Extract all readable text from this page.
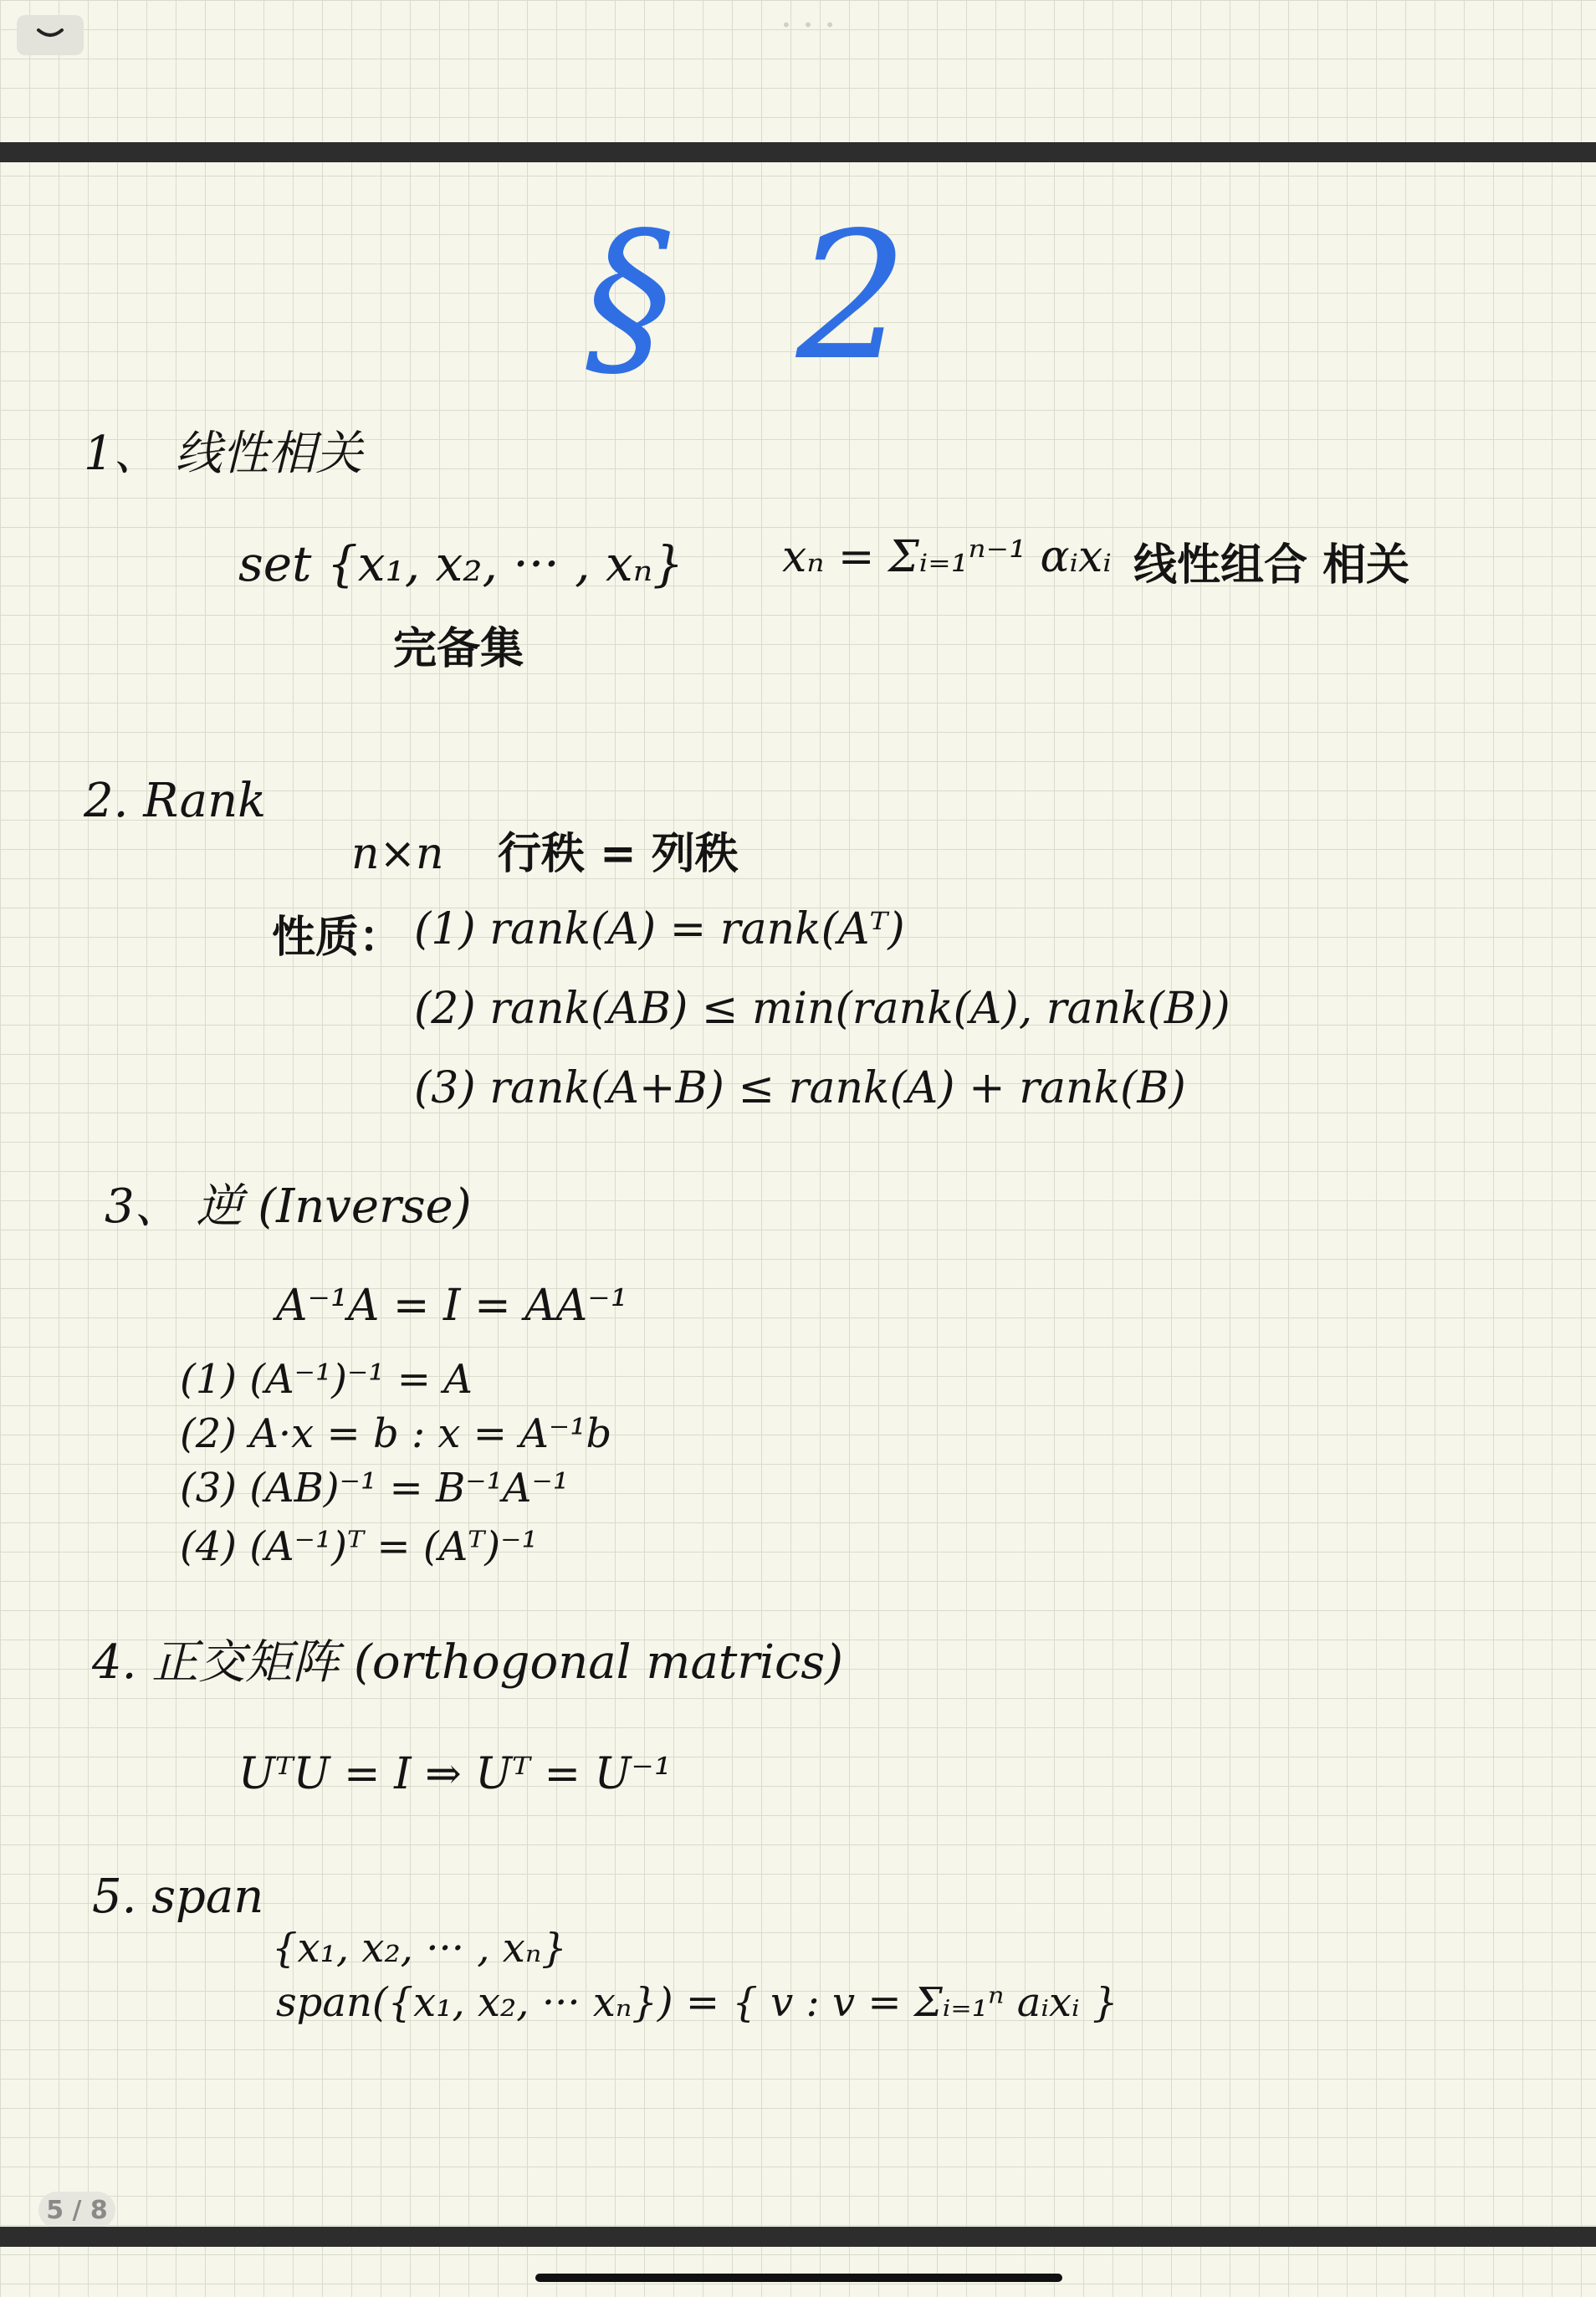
• • •
§ 2
1、 线性相关
set {x₁, x₂, ··· , xₙ} xₙ = Σᵢ₌₁ⁿ⁻¹ αᵢxᵢ 线性组合 相关
完备集
2. Rank
n×n 行秩 = 列秩
性质： (1) rank(A) = rank(Aᵀ)
(2) rank(AB) ≤ min(rank(A), rank(B))
(3) rank(A+B) ≤ rank(A) + rank(B)
3、 逆 (Inverse)
A⁻¹A = I = AA⁻¹
(1) (A⁻¹)⁻¹ = A
(2) A·x = b : x = A⁻¹b
(3) (AB)⁻¹ = B⁻¹A⁻¹
(4) (A⁻¹)ᵀ = (Aᵀ)⁻¹
4. 正交矩阵 (orthogonal matrics)
UᵀU = I ⇒ Uᵀ = U⁻¹
5. span
{x₁, x₂, ··· , xₙ}
span({x₁, x₂, ··· xₙ}) = { v : v = Σᵢ₌₁ⁿ aᵢxᵢ }
5 / 8
